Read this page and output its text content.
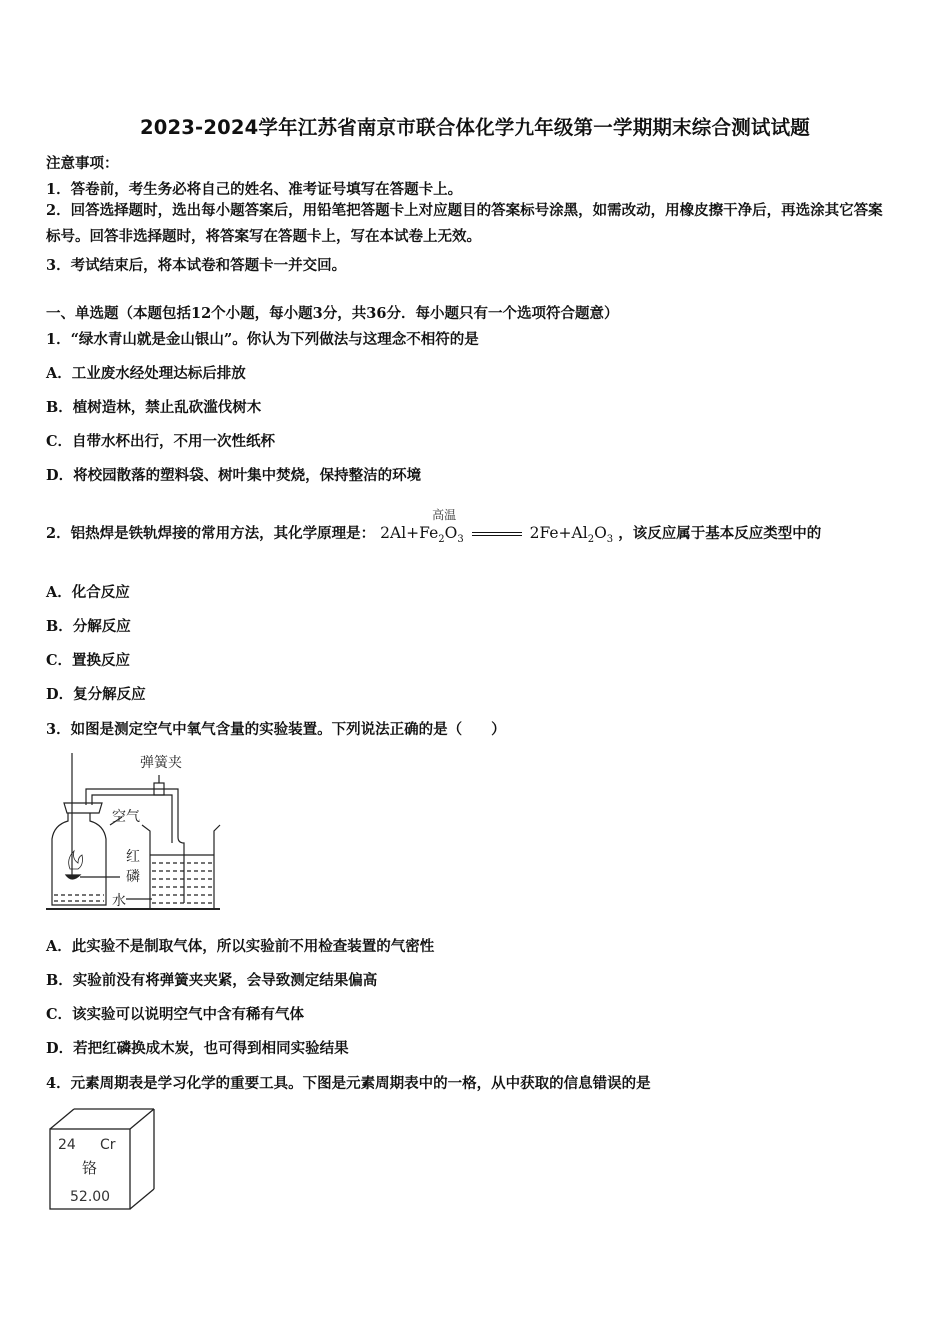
2023-2024学年江苏省南京市联合体化学九年级第一学期期末综合测试试题
注意事项：
1．答卷前，考生务必将自己的姓名、准考证号填写在答题卡上。
2．回答选择题时，选出每小题答案后，用铅笔把答题卡上对应题目的答案标号涂黑，如需改动，用橡皮擦干净后，再选涂其它答案标号。回答非选择题时，将答案写在答题卡上，写在本试卷上无效。
3．考试结束后，将本试卷和答题卡一并交回。
一、单选题（本题包括12个小题，每小题3分，共36分．每小题只有一个选项符合题意）
1．“绿水青山就是金山银山”。你认为下列做法与这理念不相符的是
A．工业废水经处理达标后排放
B．植树造林，禁止乱砍滥伐树木
C．自带水杯出行，不用一次性纸杯
D．将校园散落的塑料袋、树叶集中焚烧，保持整洁的环境
2．铝热焊是铁轨焊接的常用方法，其化学原理是： $2Al+Fe_2O_3$
高温
$2Fe+Al_2O_3$ ，该反应属于基本反应类型中的
A．化合反应
B．分解反应
C．置换反应
D．复分解反应
3．如图是测定空气中氧气含量的实验装置。下列说法正确的是（　　）
弹簧夹
空气
红
磷
水
A．此实验不是制取气体，所以实验前不用检查装置的气密性
B．实验前没有将弹簧夹夹紧，会导致测定结果偏高
C．该实验可以说明空气中含有稀有气体
D．若把红磷换成木炭，也可得到相同实验结果
4．元素周期表是学习化学的重要工具。下图是元素周期表中的一格，从中获取的信息错误的是
24 Cr
铬
52.00
